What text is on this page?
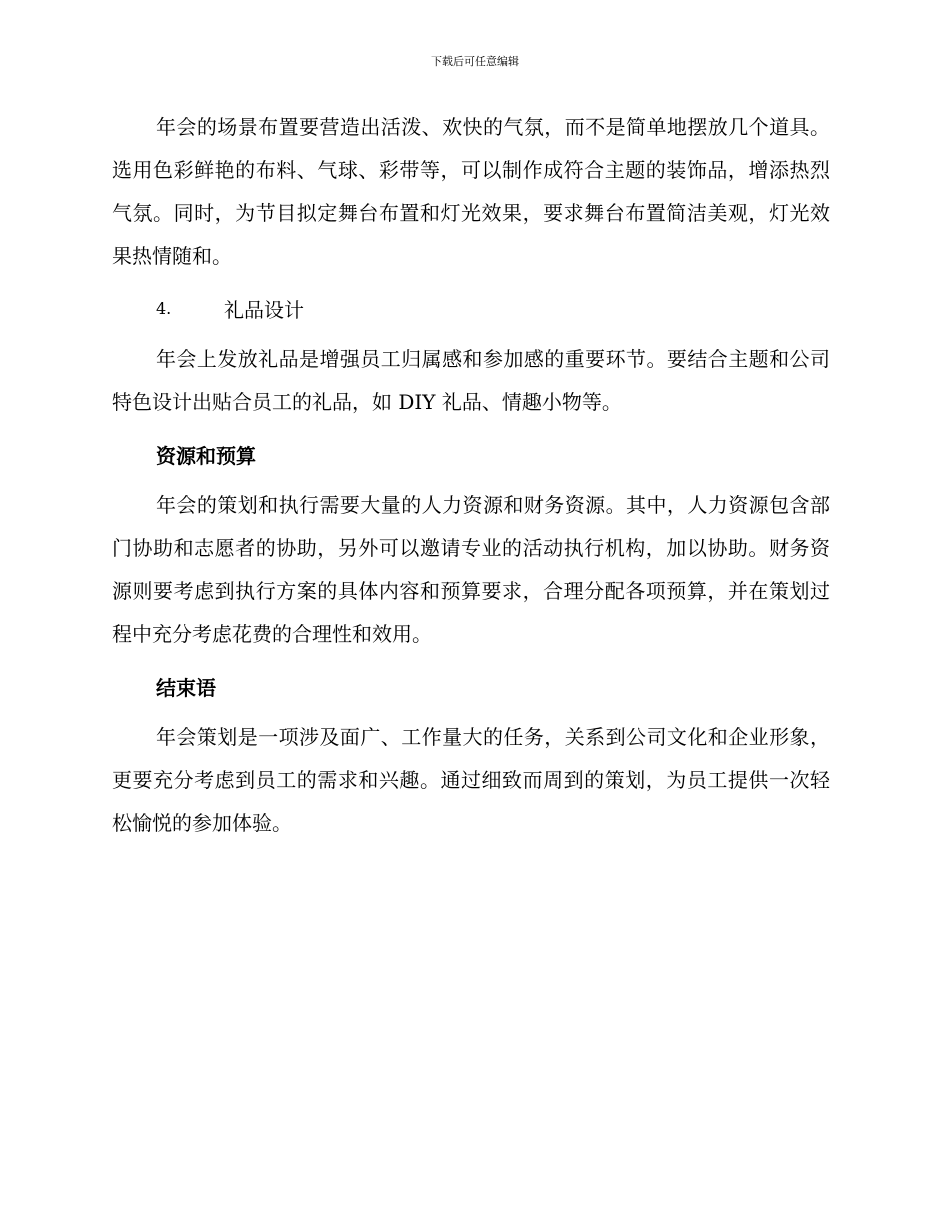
下载后可任意编辑

年会的场景布置要营造出活泼、欢快的气氛，而不是简单地摆放几个道具。选用色彩鲜艳的布料、气球、彩带等，可以制作成符合主题的装饰品，增添热烈气氛。同时，为节目拟定舞台布置和灯光效果，要求舞台布置简洁美观，灯光效果热情随和。

4.	礼品设计

年会上发放礼品是增强员工归属感和参加感的重要环节。要结合主题和公司特色设计出贴合员工的礼品，如 DIY 礼品、情趣小物等。

资源和预算

年会的策划和执行需要大量的人力资源和财务资源。其中，人力资源包含部门协助和志愿者的协助，另外可以邀请专业的活动执行机构，加以协助。财务资源则要考虑到执行方案的具体内容和预算要求，合理分配各项预算，并在策划过程中充分考虑花费的合理性和效用。

结束语

年会策划是一项涉及面广、工作量大的任务，关系到公司文化和企业形象，更要充分考虑到员工的需求和兴趣。通过细致而周到的策划，为员工提供一次轻松愉悦的参加体验。
